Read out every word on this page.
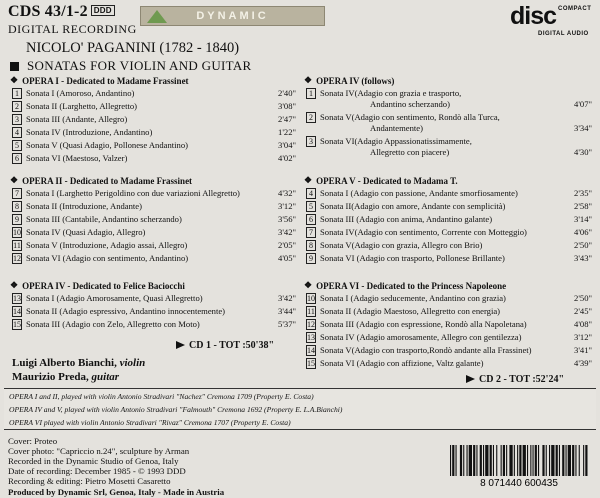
CDS 43/1-2 DDD
DIGITAL RECORDING
DYNAMIC	disc COMPACT
DIGITAL AUDIO
NICOLO' PAGANINI (1782 - 1840)
SONATAS FOR VIOLIN AND GUITAR
❖ OPERA I - Dedicated to Madame Frassinet
1 Sonata I (Amoroso, Andantino)	2'40"
2 Sonata II (Larghetto, Allegretto)	3'08"
3 Sonata III (Andante, Allegro)	2'47"
4 Sonata IV (Introduzione, Andantino)	1'22"
5 Sonata V (Quasi Adagio, Pollonese Andantino)	3'04"
6 Sonata VI (Maestoso, Valzer)	4'02"
❖ OPERA II - Dedicated to Madame Frassinet
7 Sonata I (Larghetto Perigoldino con due variazioni Allegretto)	4'32"
8 Sonata II (Introduzione, Andante)	3'12"
9 Sonata III (Cantabile, Andantino scherzando)	3'56"
10 Sonata IV (Quasi Adagio, Allegro)	3'42"
11 Sonata V (Introduzione, Adagio assai, Allegro)	2'05"
12 Sonata VI (Adagio con sentimento, Andantino)	4'05"
❖ OPERA IV - Dedicated to Felice Baciocchi
13 Sonata I (Adagio Amorosamente, Quasi Allegretto)	3'42"
14 Sonata II (Adagio espressivo, Andantino innocentemente)	3'44"
15 Sonata III (Adagio con Zelo, Allegretto con Moto)	5'37"
❖ OPERA IV (follows)
1 Sonata IV(Adagio con grazia e trasporto,
Andantino scherzando)	4'07"
2 Sonata V(Adagio con sentimento, Rondò alla Turca,
Andantemente)	3'34"
3 Sonata VI(Adagio Appassionatissimamente,
Allegretto con piacere)	4'30"
❖ OPERA V - Dedicated to Madama T.
4 Sonata I (Adagio con passione, Andante smorfiosamente)	2'35"
5 Sonata II(Adagio con amore, Andante con semplicità)	2'58"
6 Sonata III (Adagio con anima, Andantino galante)	3'14"
7 Sonata IV(Adagio con sentimento, Corrente con Motteggio)	4'06"
8 Sonata V(Adagio con grazia, Allegro con Brio)	2'50"
9 Sonata VI (Adagio con trasporto, Pollonese Brillante)	3'43"
❖ OPERA VI - Dedicated to the Princess Napoleone
10 Sonata I (Adagio seducemente, Andantino con grazia)	2'50"
11 Sonata II (Adagio Maestoso, Allegretto con energia)	2'45"
12 Sonata III (Adagio con espressione, Rondò alla Napoletana)	4'08"
13 Sonata IV (Adagio amorosamente, Allegro con gentilezza)	3'12"
14 Sonata V(Adagio con trasporto,Rondò andante alla Frassinet)	3'41"
15 Sonata VI (Adagio con affizione, Valtz galante)	4'39"
CD 1 - TOT :50'38"
CD 2 - TOT :52'24"
Luigi Alberto Bianchi, violin
Maurizio Preda, guitar
OPERA I and II, played with violin Antonio Stradivari "Nachez" Cremona 1709 (Property E. Costa)
OPERA IV and V, played with violin Antonio Stradivari "Falmouth" Cremona 1692 (Property E. L.A.Bianchi)
OPERA VI played with violin Antonio Stradivari "Rivaz" Cremona 1707 (Property E. Costa)
Cover: Proteo
Cover photo: "Capriccio n.24", sculpture by Arman
Recorded in the Dynamic Studio of Genoa, Italy
Date of recording: December 1985 - © 1993 DDD
Recording & editing: Pietro Mosetti Casaretto
Produced by Dynamic Srl, Genoa, Italy - Made in Austria
8 071440 600435
